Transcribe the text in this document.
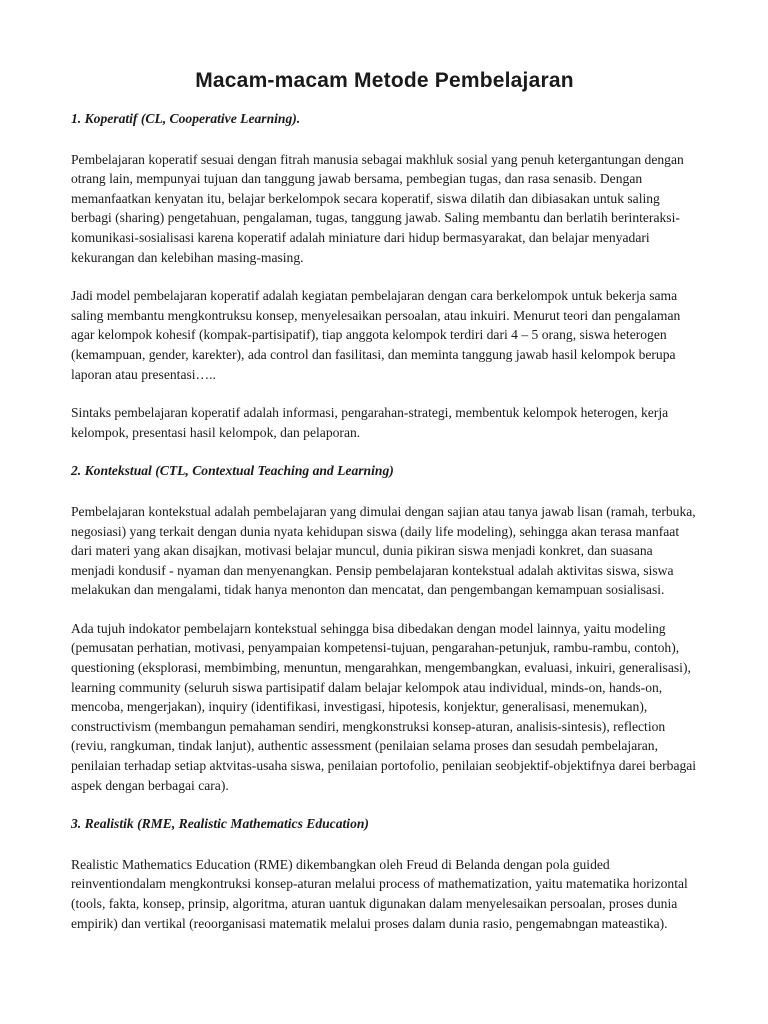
Macam-macam Metode Pembelajaran
1. Koperatif (CL, Cooperative Learning).

Pembelajaran koperatif sesuai dengan fitrah manusia sebagai makhluk sosial yang penuh ketergantungan dengan otrang lain, mempunyai tujuan dan tanggung jawab bersama, pembegian tugas, dan rasa senasib. Dengan memanfaatkan kenyatan itu, belajar berkelompok secara koperatif, siswa dilatih dan dibiasakan untuk saling berbagi (sharing) pengetahuan, pengalaman, tugas, tanggung jawab. Saling membantu dan berlatih berinteraksi-komunikasi-sosialisasi karena koperatif adalah miniature dari hidup bermasyarakat, dan belajar menyadari kekurangan dan kelebihan masing-masing.

Jadi model pembelajaran koperatif adalah kegiatan pembelajaran dengan cara berkelompok untuk bekerja sama saling membantu mengkontruksu konsep, menyelesaikan persoalan, atau inkuiri. Menurut teori dan pengalaman agar kelompok kohesif (kompak-partisipatif), tiap anggota kelompok terdiri dari 4 – 5 orang, siswa heterogen (kemampuan, gender, karekter), ada control dan fasilitasi, dan meminta tanggung jawab hasil kelompok berupa laporan atau presentasi…..

Sintaks pembelajaran koperatif adalah informasi, pengarahan-strategi, membentuk kelompok heterogen, kerja kelompok, presentasi hasil kelompok, dan pelaporan.

2. Kontekstual (CTL, Contextual Teaching and Learning)

Pembelajaran kontekstual adalah pembelajaran yang dimulai dengan sajian atau tanya jawab lisan (ramah, terbuka, negosiasi) yang terkait dengan dunia nyata kehidupan siswa (daily life modeling), sehingga akan terasa manfaat dari materi yang akan disajkan, motivasi belajar muncul, dunia pikiran siswa menjadi konkret, dan suasana menjadi kondusif - nyaman dan menyenangkan. Pensip pembelajaran kontekstual adalah aktivitas siswa, siswa melakukan dan mengalami, tidak hanya menonton dan mencatat, dan pengembangan kemampuan sosialisasi.

Ada tujuh indokator pembelajarn kontekstual sehingga bisa dibedakan dengan model lainnya, yaitu modeling (pemusatan perhatian, motivasi, penyampaian kompetensi-tujuan, pengarahan-petunjuk, rambu-rambu, contoh), questioning (eksplorasi, membimbing, menuntun, mengarahkan, mengembangkan, evaluasi, inkuiri, generalisasi), learning community (seluruh siswa partisipatif dalam belajar kelompok atau individual, minds-on, hands-on, mencoba, mengerjakan), inquiry (identifikasi, investigasi, hipotesis, konjektur, generalisasi, menemukan), constructivism (membangun pemahaman sendiri, mengkonstruksi konsep-aturan, analisis-sintesis), reflection (reviu, rangkuman, tindak lanjut), authentic assessment (penilaian selama proses dan sesudah pembelajaran, penilaian terhadap setiap aktvitas-usaha siswa, penilaian portofolio, penilaian seobjektif-objektifnya darei berbagai aspek dengan berbagai cara).

3. Realistik (RME, Realistic Mathematics Education)

Realistic Mathematics Education (RME) dikembangkan oleh Freud di Belanda dengan pola guided reinventiondalam mengkontruksi konsep-aturan melalui process of mathematization, yaitu matematika horizontal (tools, fakta, konsep, prinsip, algoritma, aturan uantuk digunakan dalam menyelesaikan persoalan, proses dunia empirik) dan vertikal (reoorganisasi matematik melalui proses dalam dunia rasio, pengemabngan mateastika).
